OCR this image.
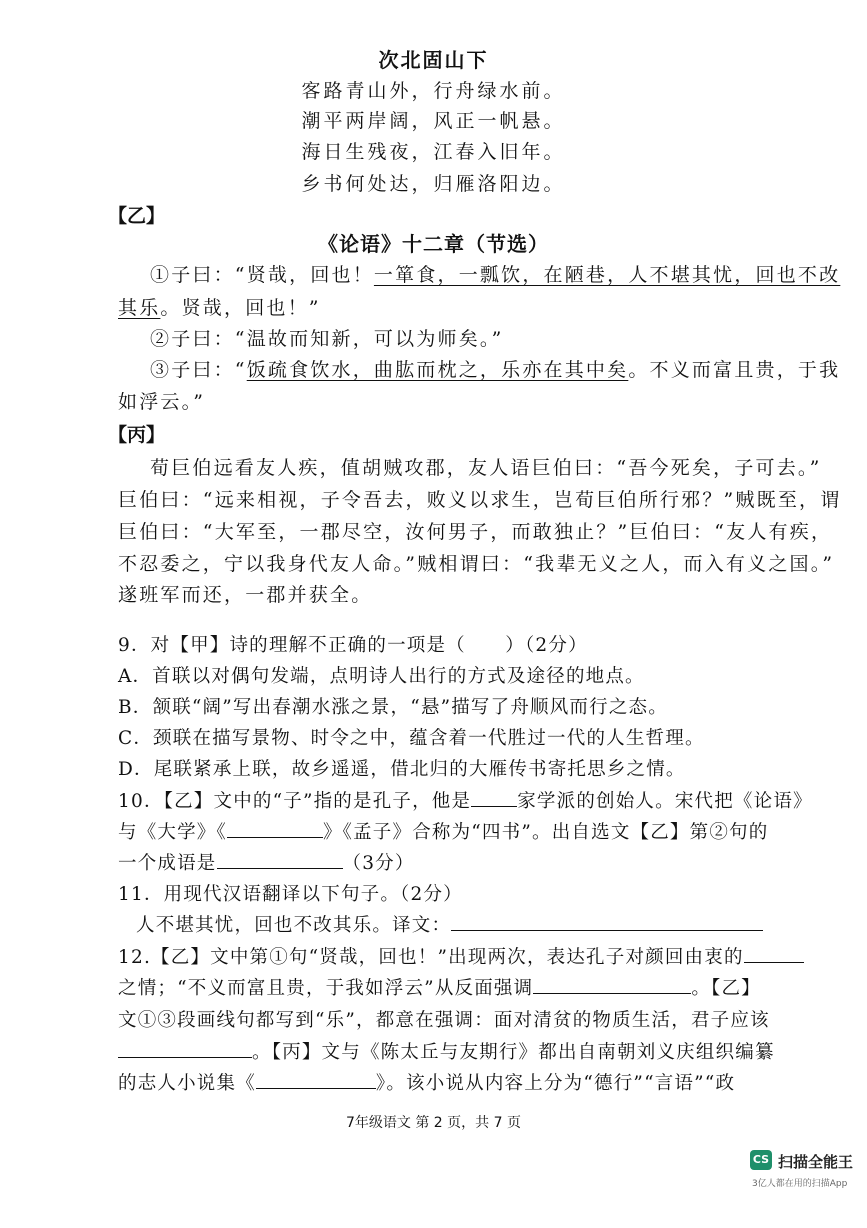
次北固山下
客路青山外，行舟绿水前。
潮平两岸阔，风正一帆悬。
海日生残夜，江春入旧年。
乡书何处达，归雁洛阳边。
【乙】
《论语》十二章（节选）
①子曰：“贤哉，回也！一箪食，一瓢饮，在陋巷，人不堪其忧，回也不改
其乐。贤哉，回也！”
②子曰：“温故而知新，可以为师矣。”
③子曰：“饭疏食饮水，曲肱而枕之，乐亦在其中矣。不义而富且贵，于我
如浮云。”
【丙】
荀巨伯远看友人疾，值胡贼攻郡，友人语巨伯曰：“吾今死矣，子可去。”
巨伯曰：“远来相视，子令吾去，败义以求生，岂荀巨伯所行邪？”贼既至，谓
巨伯曰：“大军至，一郡尽空，汝何男子，而敢独止？”巨伯曰：“友人有疾，
不忍委之，宁以我身代友人命。”贼相谓曰：“我辈无义之人，而入有义之国。”
遂班军而还，一郡并获全。
9．对【甲】诗的理解不正确的一项是（　　）（2分）
A．首联以对偶句发端，点明诗人出行的方式及途径的地点。
B．颔联“阔”写出春潮水涨之景，“悬”描写了舟顺风而行之态。
C．颈联在描写景物、时令之中，蕴含着一代胜过一代的人生哲理。
D．尾联紧承上联，故乡遥遥，借北归的大雁传书寄托思乡之情。
10．【乙】文中的“子”指的是孔子，他是 家学派的创始人。宋代把《论语》
与《大学》《	》《孟子》合称为“四书”。出自选文【乙】第②句的
一个成语是	（3分）
11．用现代汉语翻译以下句子。（2分）
人不堪其忧，回也不改其乐。译文：
12.【乙】文中第①句“贤哉，回也！”出现两次，表达孔子对颜回由衷的
之情；“不义而富且贵，于我如浮云”从反面强调	。【乙】
文①③段画线句都写到“乐”，都意在强调：面对清贫的物质生活，君子应该
。【丙】文与《陈太丘与友期行》都出自南朝刘义庆组织编纂
的志人小说集《	》。该小说从内容上分为“德行”“言语”“政
7年级语文 第 2 页，共 7 页
CS 扫描全能王
3亿人都在用的扫描App
